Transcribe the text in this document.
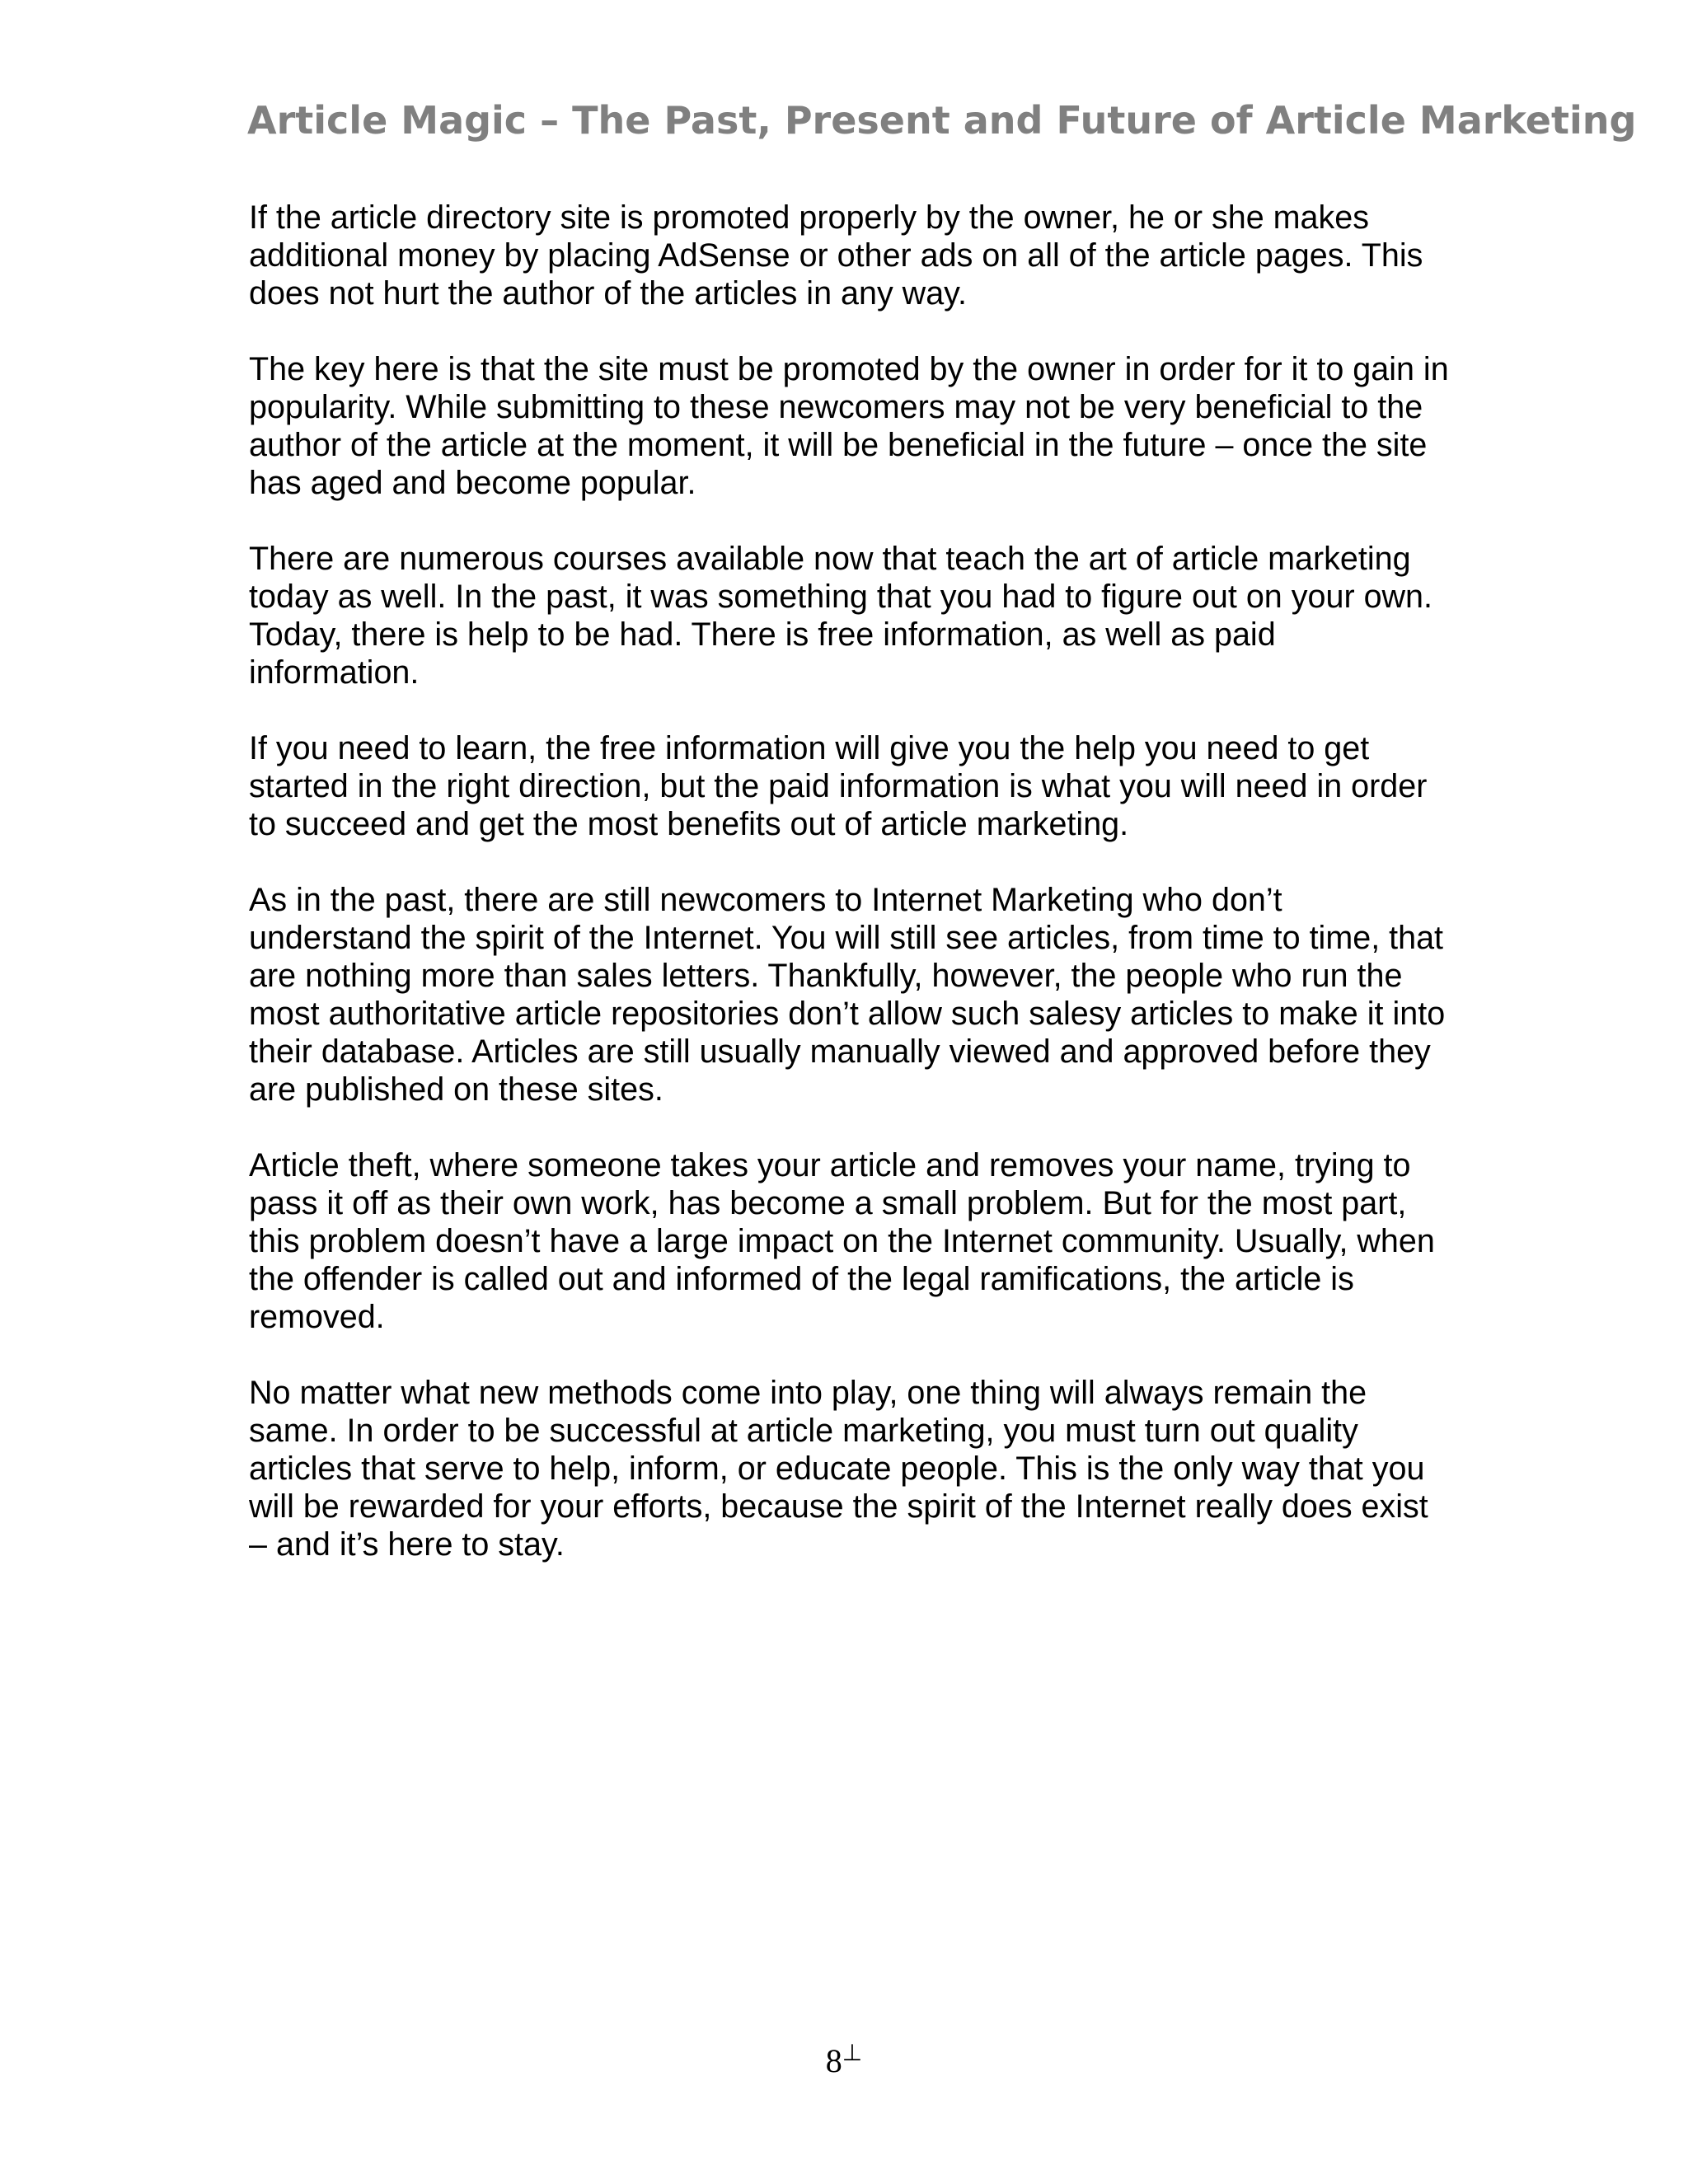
Article Magic – The Past, Present and Future of Article Marketing

If the article directory site is promoted properly by the owner, he or she makes additional money by placing AdSense or other ads on all of the article pages. This does not hurt the author of the articles in any way.

The key here is that the site must be promoted by the owner in order for it to gain in popularity. While submitting to these newcomers may not be very beneficial to the author of the article at the moment, it will be beneficial in the future – once the site has aged and become popular.

There are numerous courses available now that teach the art of article marketing today as well. In the past, it was something that you had to figure out on your own. Today, there is help to be had. There is free information, as well as paid information.

If you need to learn, the free information will give you the help you need to get started in the right direction, but the paid information is what you will need in order to succeed and get the most benefits out of article marketing.

As in the past, there are still newcomers to Internet Marketing who don’t understand the spirit of the Internet. You will still see articles, from time to time, that are nothing more than sales letters. Thankfully, however, the people who run the most authoritative article repositories don’t allow such salesy articles to make it into their database. Articles are still usually manually viewed and approved before they are published on these sites.

Article theft, where someone takes your article and removes your name, trying to pass it off as their own work, has become a small problem. But for the most part, this problem doesn’t have a large impact on the Internet community. Usually, when the offender is called out and informed of the legal ramifications, the article is removed.

No matter what new methods come into play, one thing will always remain the same. In order to be successful at article marketing, you must turn out quality articles that serve to help, inform, or educate people. This is the only way that you will be rewarded for your efforts, because the spirit of the Internet really does exist – and it’s here to stay.

8⊥
